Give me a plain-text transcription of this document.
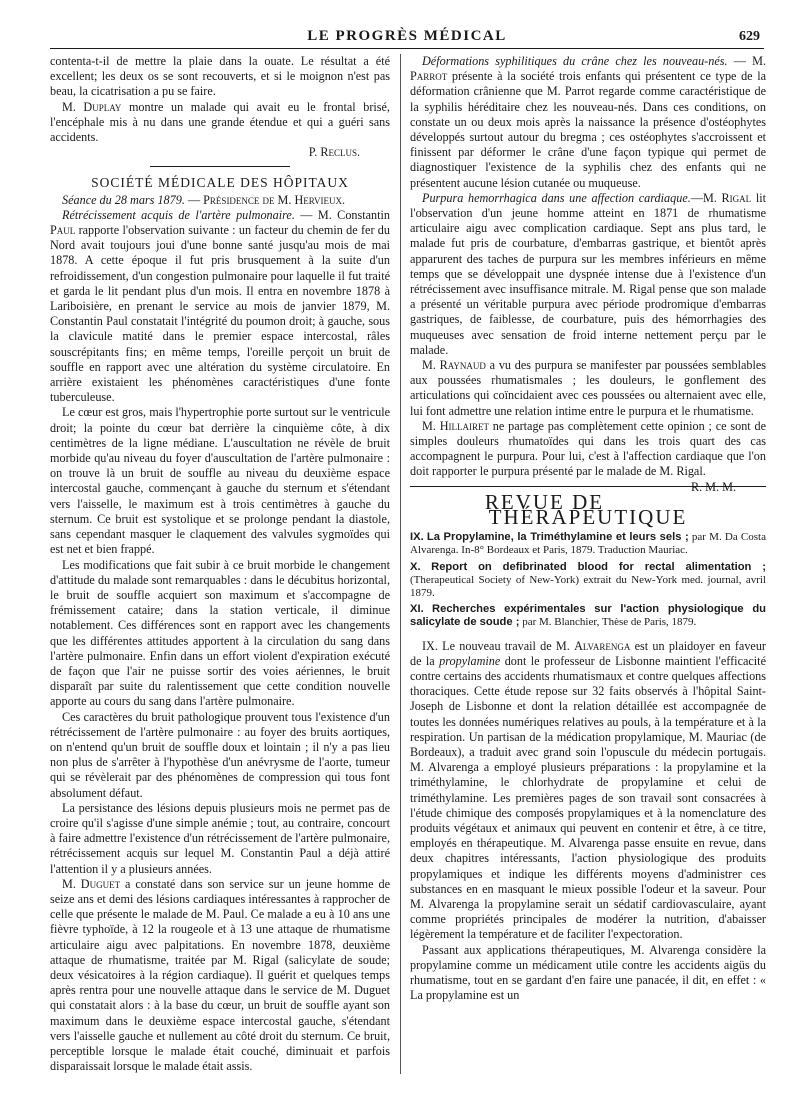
LE PROGRÈS MÉDICAL	629

contenta-t-il de mettre la plaie dans la ouate. Le résultat a été excellent; les deux os se sont recouverts, et si le moignon n'est pas beau, la cicatrisation a pu se faire.

M. Duplay montre un malade qui avait eu le frontal brisé, l'encéphale mis à nu dans une grande étendue et qui a guéri sans accidents.

P. Reclus.

SOCIÉTÉ MÉDICALE DES HÔPITAUX

Séance du 28 mars 1879. — Présidence de M. Hervieux.

Rétrécissement acquis de l'artère pulmonaire. — M. Constantin Paul rapporte l'observation suivante : un facteur du chemin de fer du Nord avait toujours joui d'une bonne santé jusqu'au mois de mai 1878. A cette époque il fut pris brusquement à la suite d'un refroidissement, d'un congestion pulmonaire pour laquelle il fut traité et garda le lit pendant plus d'un mois. Il entra en novembre 1878 à Lariboisière, en prenant le service au mois de janvier 1879, M. Constantin Paul constatait l'intégrité du poumon droit; à gauche, sous la clavicule matité dans le premier espace intercostal, râles souscrépitants fins; en même temps, l'oreille perçoit un bruit de souffle en rapport avec une altération du système circulatoire. En arrière existaient les phénomènes caractéristiques d'une fonte tuberculeuse.

Le cœur est gros, mais l'hypertrophie porte surtout sur le ventricule droit; la pointe du cœur bat derrière la cinquième côte, à dix centimètres de la ligne médiane. L'auscultation ne révèle de bruit morbide qu'au niveau du foyer d'auscultation de l'artère pulmonaire : on trouve là un bruit de souffle au niveau du deuxième espace intercostal gauche, commençant à gauche du sternum et s'étendant vers l'aisselle, le maximum est à trois centimètres à gauche du sternum. Ce bruit est systolique et se prolonge pendant la diastole, sans cependant masquer le claquement des valvules sygmoïdes qui est net et bien frappé.

Les modifications que fait subir à ce bruit morbide le changement d'attitude du malade sont remarquables : dans le décubitus horizontal, le bruit de souffle acquiert son maximum et s'accompagne de frémissement cataire; dans la station verticale, il diminue notablement. Ces différences sont en rapport avec les changements que les différentes attitudes apportent à la circulation du sang dans l'artère pulmonaire. Enfin dans un effort violent d'expiration exécuté de façon que l'air ne puisse sortir des voies aériennes, le bruit disparaît par suite du ralentissement que cette condition nouvelle apporte au cours du sang dans l'artère pulmonaire.

Ces caractères du bruit pathologique prouvent tous l'existence d'un rétrécissement de l'artère pulmonaire : au foyer des bruits aortiques, on n'entend qu'un bruit de souffle doux et lointain ; il n'y a pas lieu non plus de s'arrêter à l'hypothèse d'un anévrysme de l'aorte, tumeur qui se révèlerait par des phénomènes de compression qui tous font absolument défaut.

La persistance des lésions depuis plusieurs mois ne permet pas de croire qu'il s'agisse d'une simple anémie ; tout, au contraire, concourt à faire admettre l'existence d'un rétrécissement de l'artère pulmonaire, rétrécissement acquis sur lequel M. Constantin Paul a déjà attiré l'attention il y a plusieurs années.

M. Duguet a constaté dans son service sur un jeune homme de seize ans et demi des lésions cardiaques intéressantes à rapprocher de celle que présente le malade de M. Paul. Ce malade a eu à 10 ans une fièvre typhoïde, à 12 la rougeole et à 13 une attaque de rhumatisme articulaire aigu avec palpitations. En novembre 1878, deuxième attaque de rhumatisme, traitée par M. Rigal (salicylate de soude; deux vésicatoires à la région cardiaque). Il guérit et quelques temps après rentra pour une nouvelle attaque dans le service de M. Duguet qui constatait alors : à la base du cœur, un bruit de souffle ayant son maximum dans le deuxième espace intercostal gauche, s'étendant vers l'aisselle gauche et nullement au côté droit du sternum. Ce bruit, perceptible lorsque le malade était couché, diminuait et parfois disparaissait lorsque le malade était assis.

Déformations syphilitiques du crâne chez les nouveau-nés. — M. Parrot présente à la société trois enfants qui présentent ce type de la déformation crânienne que M. Parrot regarde comme caractéristique de la syphilis héréditaire chez les nouveau-nés. Dans ces conditions, on constate un ou deux mois après la naissance la présence d'ostéophytes développés surtout autour du bregma ; ces ostéophytes s'accroissent et finissent par déformer le crâne d'une façon typique qui permet de diagnostiquer l'existence de la syphilis chez des enfants qui ne présentent aucune lésion cutanée ou muqueuse.

Purpura hemorrhagica dans une affection cardiaque.—M. Rigal lit l'observation d'un jeune homme atteint en 1871 de rhumatisme articulaire aigu avec complication cardiaque. Sept ans plus tard, le malade fut pris de courbature, d'embarras gastrique, et bientôt après apparurent des taches de purpura sur les membres inférieurs en même temps que se développait une dyspnée intense due à l'existence d'un rétrécissement avec insuffisance mitrale. M. Rigal pense que son malade a présenté un véritable purpura avec période prodromique d'embarras gastriques, de faiblesse, de courbature, puis des hémorrhagies des muqueuses avec sensation de froid interne nettement perçu par le malade.

M. Raynaud a vu des purpura se manifester par poussées semblables aux poussées rhumatismales ; les douleurs, le gonflement des articulations qui coïncidaient avec ces poussées ou alternaient avec elle, lui font admettre une relation intime entre le purpura et le rhumatisme.

M. Hillairet ne partage pas complètement cette opinion ; ce sont de simples douleurs rhumatoïdes qui dans les trois quart des cas accompagnent le purpura. Pour lui, c'est à l'affection cardiaque que l'on doit rapporter le purpura présenté par le malade de M. Rigal.
R. M. M.

REVUE DE THÉRAPEUTIQUE
IX. La Propylamine, la Triméthylamine et leurs sels ; par M. Da Costa Alvarenga. In-8° Bordeaux et Paris, 1879. Traduction Mauriac.
X. Report on defibrinated blood for rectal alimentation ; (Therapeutical Society of New-York) extrait du New-York med. journal, avril 1879.
XI. Recherches expérimentales sur l'action physiologique du salicylate de soude ; par M. Blanchier, Thèse de Paris, 1879.

IX. Le nouveau travail de M. Alvarenga est un plaidoyer en faveur de la propylamine dont le professeur de Lisbonne maintient l'efficacité contre certains des accidents rhumatismaux et contre quelques affections thoraciques. Cette étude repose sur 32 faits observés à l'hôpital Saint-Joseph de Lisbonne et dont la relation détaillée est accompagnée de toutes les données numériques relatives au pouls, à la température et à la respiration. Un partisan de la médication propylamique, M. Mauriac (de Bordeaux), a traduit avec grand soin l'opuscule du médecin portugais. M. Alvarenga a employé plusieurs préparations : la propylamine et la triméthylamine, le chlorhydrate de propylamine et celui de triméthylamine. Les premières pages de son travail sont consacrées à l'étude chimique des composés propylamiques et à la nomenclature des produits végétaux et animaux qui peuvent en contenir et être, à ce titre, employés en thérapeutique. M. Alvarenga passe ensuite en revue, dans deux chapitres intéressants, l'action physiologique des produits propylamiques et indique les différents moyens d'administrer ces substances en en masquant le mieux possible l'odeur et la saveur. Pour M. Alvarenga la propylamine serait un sédatif cardiovasculaire, ayant comme propriétés principales de modérer la nutrition, d'abaisser légèrement la température et de faciliter l'expectoration.

Passant aux applications thérapeutiques, M. Alvarenga considère la propylamine comme un médicament utile contre les accidents aigüs du rhumatisme, tout en se gardant d'en faire une panacée, il dit, en effet : « La propylamine est un
